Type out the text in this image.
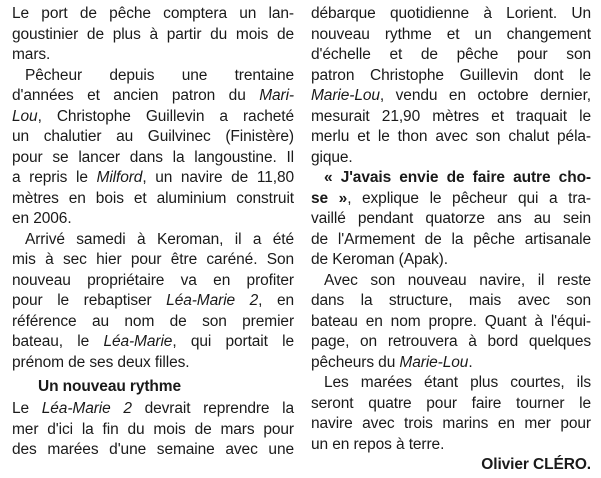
Le port de pêche comptera un lan-
goustinier de plus à partir du mois de
mars.
Pêcheur depuis une trentaine
d'années et ancien patron du Mari-
Lou, Christophe Guillevin a racheté
un chalutier au Guilvinec (Finistère)
pour se lancer dans la langoustine. Il
a repris le Milford, un navire de 11,80
mètres en bois et aluminium construit
en 2006.
Arrivé samedi à Keroman, il a été
mis à sec hier pour être caréné. Son
nouveau propriétaire va en profiter
pour le rebaptiser Léa-Marie 2, en
référence au nom de son premier
bateau, le Léa-Marie, qui portait le
prénom de ses deux filles.
Un nouveau rythme
Le Léa-Marie 2 devrait reprendre la
mer d'ici la fin du mois de mars pour
des marées d'une semaine avec une
débarque quotidienne à Lorient. Un
nouveau rythme et un changement
d'échelle et de pêche pour son
patron Christophe Guillevin dont le
Marie-Lou, vendu en octobre dernier,
mesurait 21,90 mètres et traquait le
merlu et le thon avec son chalut péla-
gique.
« J'avais envie de faire autre cho-
se », explique le pêcheur qui a tra-
vaillé pendant quatorze ans au sein
de l'Armement de la pêche artisanale
de Keroman (Apak).
Avec son nouveau navire, il reste
dans la structure, mais avec son
bateau en nom propre. Quant à l'équi-
page, on retrouvera à bord quelques
pêcheurs du Marie-Lou.
Les marées étant plus courtes, ils
seront quatre pour faire tourner le
navire avec trois marins en mer pour
un en repos à terre.
Olivier CLÉRO.
